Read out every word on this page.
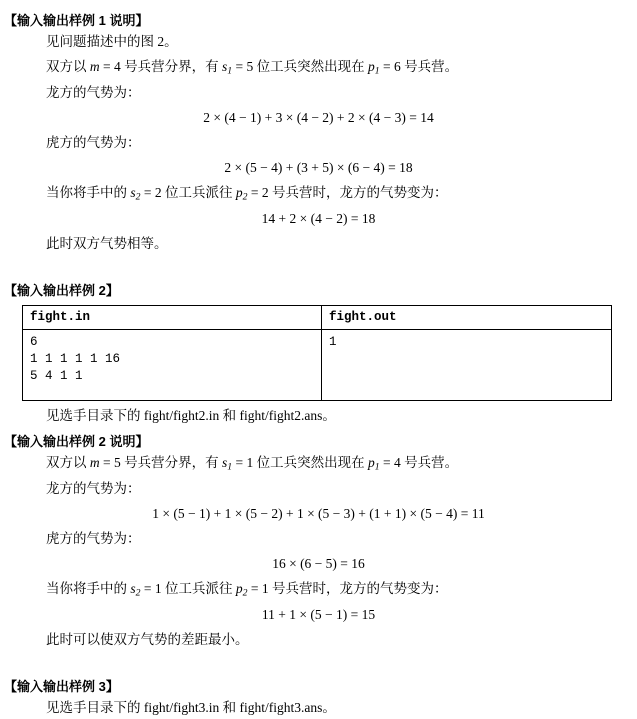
【输入输出样例 1 说明】
见问题描述中的图 2。
双方以 m = 4 号兵营分界，有 $s_1 = 5$ 位工兵突然出现在 $p_1 = 6$ 号兵营。
龙方的气势为：
2 × (4 − 1) + 3 × (4 − 2) + 2 × (4 − 3) = 14
虎方的气势为：
2 × (5 − 4) + (3 + 5) × (6 − 4) = 18
当你将手中的 $s_2 = 2$ 位工兵派往 $p_2 = 2$ 号兵营时，龙方的气势变为：
14 + 2 × (4 − 2) = 18
此时双方气势相等。
【输入输出样例 2】
fight.in	fight.out

6
1 1 1 1 1 16
5 4 1 1	1
见选手目录下的 fight/fight2.in 和 fight/fight2.ans。
【输入输出样例 2 说明】
双方以 m = 5 号兵营分界，有 $s_1 = 1$ 位工兵突然出现在 $p_1 = 4$ 号兵营。
龙方的气势为：
1 × (5 − 1) + 1 × (5 − 2) + 1 × (5 − 3) + (1 + 1) × (5 − 4) = 11
虎方的气势为：
16 × (6 − 5) = 16
当你将手中的 $s_2 = 1$ 位工兵派往 $p_2 = 1$ 号兵营时，龙方的气势变为：
11 + 1 × (5 − 1) = 15
此时可以使双方气势的差距最小。
【输入输出样例 3】
见选手目录下的 fight/fight3.in 和 fight/fight3.ans。
